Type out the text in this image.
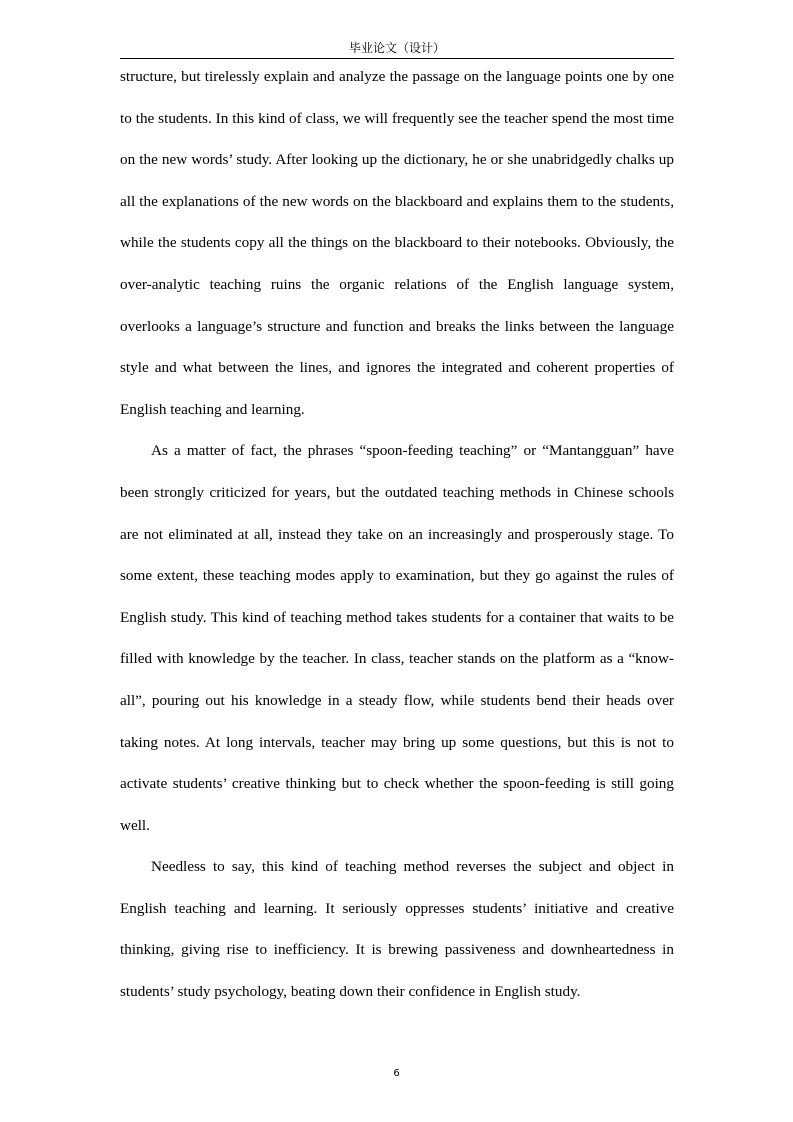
毕业论文（设计）

structure, but tirelessly explain and analyze the passage on the language points one by one to the students. In this kind of class, we will frequently see the teacher spend the most time on the new words’ study. After looking up the dictionary, he or she unabridgedly chalks up all the explanations of the new words on the blackboard and explains them to the students, while the students copy all the things on the blackboard to their notebooks. Obviously, the over-analytic teaching ruins the organic relations of the English language system, overlooks a language’s structure and function and breaks the links between the language style and what between the lines, and ignores the integrated and coherent properties of English teaching and learning.

As a matter of fact, the phrases “spoon-feeding teaching” or “Mantangguan” have been strongly criticized for years, but the outdated teaching methods in Chinese schools are not eliminated at all, instead they take on an increasingly and prosperously stage. To some extent, these teaching modes apply to examination, but they go against the rules of English study. This kind of teaching method takes students for a container that waits to be filled with knowledge by the teacher. In class, teacher stands on the platform as a “know-all”, pouring out his knowledge in a steady flow, while students bend their heads over taking notes. At long intervals, teacher may bring up some questions, but this is not to activate students’ creative thinking but to check whether the spoon-feeding is still going well.

Needless to say, this kind of teaching method reverses the subject and object in English teaching and learning. It seriously oppresses students’ initiative and creative thinking, giving rise to inefficiency. It is brewing passiveness and downheartedness in students’ study psychology, beating down their confidence in English study.

6
